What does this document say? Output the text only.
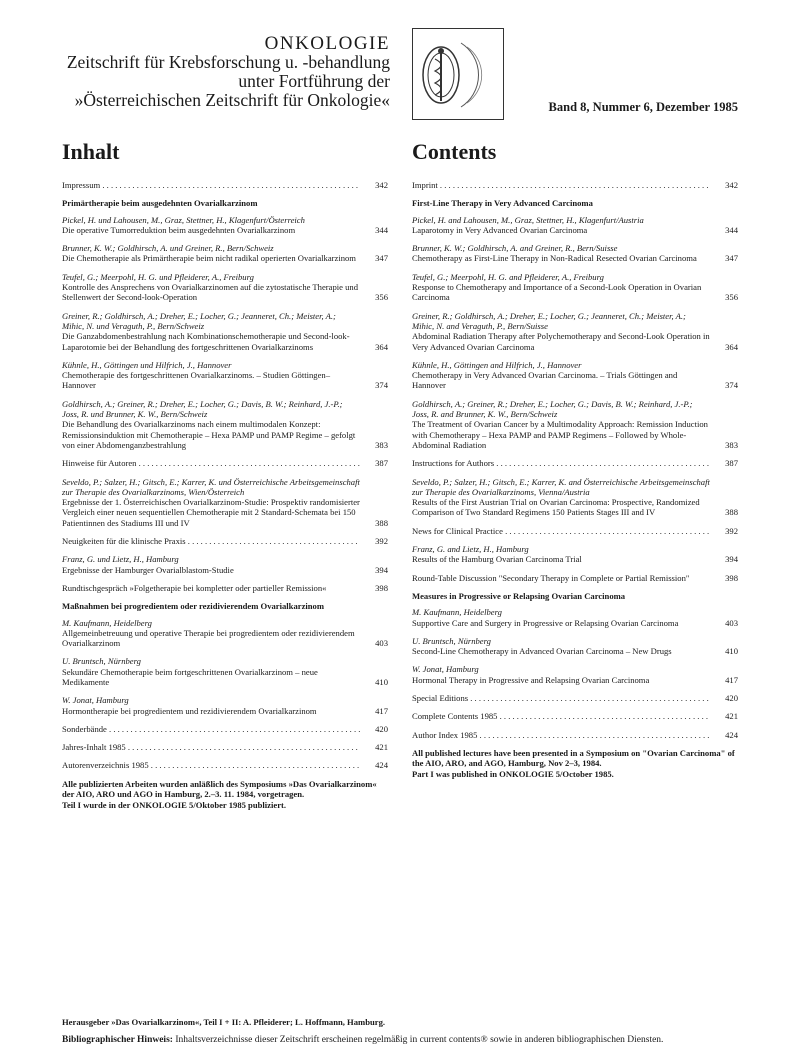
ONKOLOGIE
Zeitschrift für Krebsforschung u. -behandlung
unter Fortführung der
»Österreichischen Zeitschrift für Onkologie«	Band 8, Nummer 6, Dezember 1985
Inhalt
Impressum . . .	342
Primärtherapie beim ausgedehnten Ovarialkarzinom
Pickel, H. und Lahousen, M., Graz, Stettner, H., Klagenfurt/Österreich
Die operative Tumorreduktion beim ausgedehnten Ovarialkarzinom	344
Brunner, K. W.; Goldhirsch, A. und Greiner, R., Bern/Schweiz
Die Chemotherapie als Primärtherapie beim nicht radikal operierten Ovarialkarzinom	347
Teufel, G.; Meerpohl, H. G. und Pfleiderer, A., Freiburg
Kontrolle des Ansprechens von Ovarialkarzinomen auf die zytostatische Therapie und Stellenwert der Second-look-Operation	356
Greiner, R.; Goldhirsch, A.; Dreher, E.; Locher, G.; Jeanneret, Ch.; Meister, A.; Mihic, N. und Veraguth, P., Bern/Schweiz
Die Ganzabdomenbestrahlung nach Kombinationschemotherapie und Second-look-Laparotomie bei der Behandlung des fortgeschrittenen Ovarialkarzinoms	364
Kühnle, H., Göttingen und Hilfrich, J., Hannover
Chemotherapie des fortgeschrittenen Ovarialkarzinoms. – Studien Göttingen–Hannover	374
Goldhirsch, A.; Greiner, R.; Dreher, E.; Locher, G.; Davis, B. W.; Reinhard, J.-P.; Joss, R. und Brunner, K. W., Bern/Schweiz
Die Behandlung des Ovarialkarzinoms nach einem multimodalen Konzept: Remissionsinduktion mit Chemotherapie – Hexa PAMP und PAMP Regime – gefolgt von einer Abdomenganzbestrahlung	383
Hinweise für Autoren . . .	387
Seveldo, P.; Salzer, H.; Gitsch, E.; Karrer, K. und Österreichische Arbeitsgemeinschaft zur Therapie des Ovarialkarzinoms, Wien/Österreich
Ergebnisse der 1. Österreichischen Ovarialkarzinom-Studie: Prospektiv randomisierter Vergleich einer neuen sequentiellen Chemotherapie mit 2 Standard-Schemata bei 150 Patientinnen des Stadiums III und IV	388
Neuigkeiten für die klinische Praxis . . .	392
Franz, G. und Lietz, H., Hamburg
Ergebnisse der Hamburger Ovarialblastom-Studie	394
Rundtischgespräch »Folgetherapie bei kompletter oder partieller Remission«	398
Maßnahmen bei progredientem oder rezidivierendem Ovarialkarzinom
M. Kaufmann, Heidelberg
Allgemeinbetreuung und operative Therapie bei progredientem oder rezidivierendem Ovarialkarzinom	403
U. Bruntsch, Nürnberg
Sekundäre Chemotherapie beim fortgeschrittenen Ovarialkarzinom – neue Medikamente	410
W. Jonat, Hamburg
Hormontherapie bei progredientem und rezidivierendem Ovarialkarzinom	417
Sonderbände . . .	420
Jahres-Inhalt 1985 . . .	421
Autorenverzeichnis 1985 . . .	424
Alle publizierten Arbeiten wurden anläßlich des Symposiums »Das Ovarialkarzinom« der AIO, ARO und AGO in Hamburg, 2.–3. 11. 1984, vorgetragen.
Teil I wurde in der ONKOLOGIE 5/Oktober 1985 publiziert.
Contents
Imprint . . .	342
First-Line Therapy in Very Advanced Carcinoma
Pickel, H. and Lahousen, M., Graz, Stettner, H., Klagenfurt/Austria
Laparotomy in Very Advanced Ovarian Carcinoma	344
Brunner, K. W.; Goldhirsch, A. and Greiner, R., Bern/Suisse
Chemotherapy as First-Line Therapy in Non-Radical Resected Ovarian Carcinoma	347
Teufel, G.; Meerpohl, H. G. and Pfleiderer, A., Freiburg
Response to Chemotherapy and Importance of a Second-Look Operation in Ovarian Carcinoma	356
Greiner, R.; Goldhirsch, A.; Dreher, E.; Locher, G.; Jeanneret, Ch.; Meister, A.; Mihic, N. and Veraguth, P., Bern/Suisse
Abdominal Radiation Therapy after Polychemotherapy and Second-Look Operation in Very Advanced Ovarian Carcinoma	364
Kühnle, H., Göttingen and Hilfrich, J., Hannover
Chemotherapy in Very Advanced Ovarian Carcinoma. – Trials Göttingen and Hannover	374
Goldhirsch, A.; Greiner, R.; Dreher, E.; Locher, G.; Davis, B. W.; Reinhard, J.-P.; Joss, R. and Brunner, K. W., Bern/Schweiz
The Treatment of Ovarian Cancer by a Multimodality Approach: Remission Induction with Chemotherapy – Hexa PAMP and PAMP Regimens – Followed by Whole-Abdominal Radiation	383
Instructions for Authors . . .	387
Seveldo, P.; Salzer, H.; Gitsch, E.; Karrer, K. and Österreichische Arbeitsgemeinschaft zur Therapie des Ovarialkarzinoms, Vienna/Austria
Results of the First Austrian Trial on Ovarian Carcinoma: Prospective, Randomized Comparison of Two Standard Regimens 150 Patients Stages III and IV	388
News for Clinical Practice . . .	392
Franz, G. and Lietz, H., Hamburg
Results of the Hamburg Ovarian Carcinoma Trial	394
Round-Table Discussion "Secondary Therapy in Complete or Partial Remission"	398
Measures in Progressive or Relapsing Ovarian Carcinoma
M. Kaufmann, Heidelberg
Supportive Care and Surgery in Progressive or Relapsing Ovarian Carcinoma	403
U. Bruntsch, Nürnberg
Second-Line Chemotherapy in Advanced Ovarian Carcinoma – New Drugs	410
W. Jonat, Hamburg
Hormonal Therapy in Progressive and Relapsing Ovarian Carcinoma	417
Special Editions . . .	420
Complete Contents 1985 . . .	421
Author Index 1985 . . .	424
All published lectures have been presented in a Symposium on "Ovarian Carcinoma" of the AIO, ARO, and AGO, Hamburg, Nov 2–3, 1984.
Part I was published in ONKOLOGIE 5/October 1985.
Herausgeber »Das Ovarialkarzinom«, Teil I + II: A. Pfleiderer; L. Hoffmann, Hamburg.
Bibliographischer Hinweis: Inhaltsverzeichnisse dieser Zeitschrift erscheinen regelmäßig in current contents® sowie in anderen bibliographischen Diensten.
